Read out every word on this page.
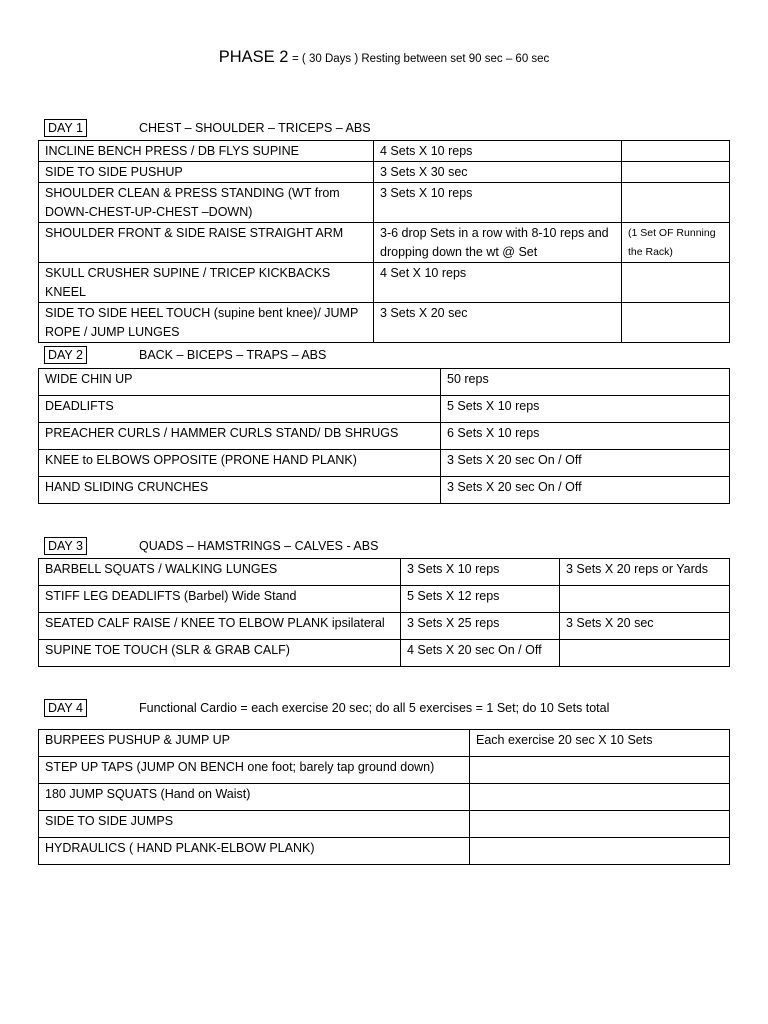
PHASE 2 = ( 30 Days ) Resting between set 90 sec – 60 sec
DAY 1	CHEST – SHOULDER – TRICEPS – ABS
INCLINE BENCH PRESS / DB FLYS SUPINE	4 Sets X 10 reps	
SIDE TO SIDE PUSHUP	3 Sets X 30 sec	
SHOULDER CLEAN & PRESS STANDING (WT from DOWN-CHEST-UP-CHEST –DOWN)	3 Sets X 10 reps	
SHOULDER FRONT & SIDE RAISE STRAIGHT ARM	3-6 drop Sets in a row with 8-10 reps and dropping down the wt @ Set	(1 Set OF Running the Rack)
SKULL CRUSHER SUPINE / TRICEP KICKBACKS KNEEL	4 Set X 10 reps	
SIDE TO SIDE HEEL TOUCH (supine bent knee)/ JUMP ROPE / JUMP LUNGES	3 Sets X 20 sec	
DAY 2	BACK – BICEPS – TRAPS – ABS
WIDE CHIN UP	50 reps
DEADLIFTS	5 Sets X 10 reps
PREACHER CURLS / HAMMER CURLS STAND/ DB SHRUGS	6 Sets X 10 reps
KNEE to ELBOWS OPPOSITE (PRONE HAND PLANK)	3 Sets X 20 sec On / Off
HAND SLIDING CRUNCHES	3 Sets X 20 sec On / Off
DAY 3	QUADS – HAMSTRINGS – CALVES - ABS
BARBELL SQUATS / WALKING LUNGES	3 Sets X 10 reps	3 Sets X 20 reps or Yards
STIFF LEG DEADLIFTS (Barbel) Wide Stand	5 Sets X 12 reps	
SEATED CALF RAISE / KNEE TO ELBOW PLANK ipsilateral	3 Sets X 25 reps	3 Sets X 20 sec
SUPINE TOE TOUCH (SLR & GRAB CALF)	4 Sets X 20 sec On / Off	
DAY 4	Functional Cardio = each exercise 20 sec; do all 5 exercises = 1 Set; do 10 Sets total
BURPEES PUSHUP & JUMP UP	Each exercise 20 sec X 10 Sets
STEP UP TAPS (JUMP ON BENCH one foot; barely tap ground down)	
180 JUMP SQUATS (Hand on Waist)	
SIDE TO SIDE JUMPS	
HYDRAULICS ( HAND PLANK-ELBOW PLANK)	
